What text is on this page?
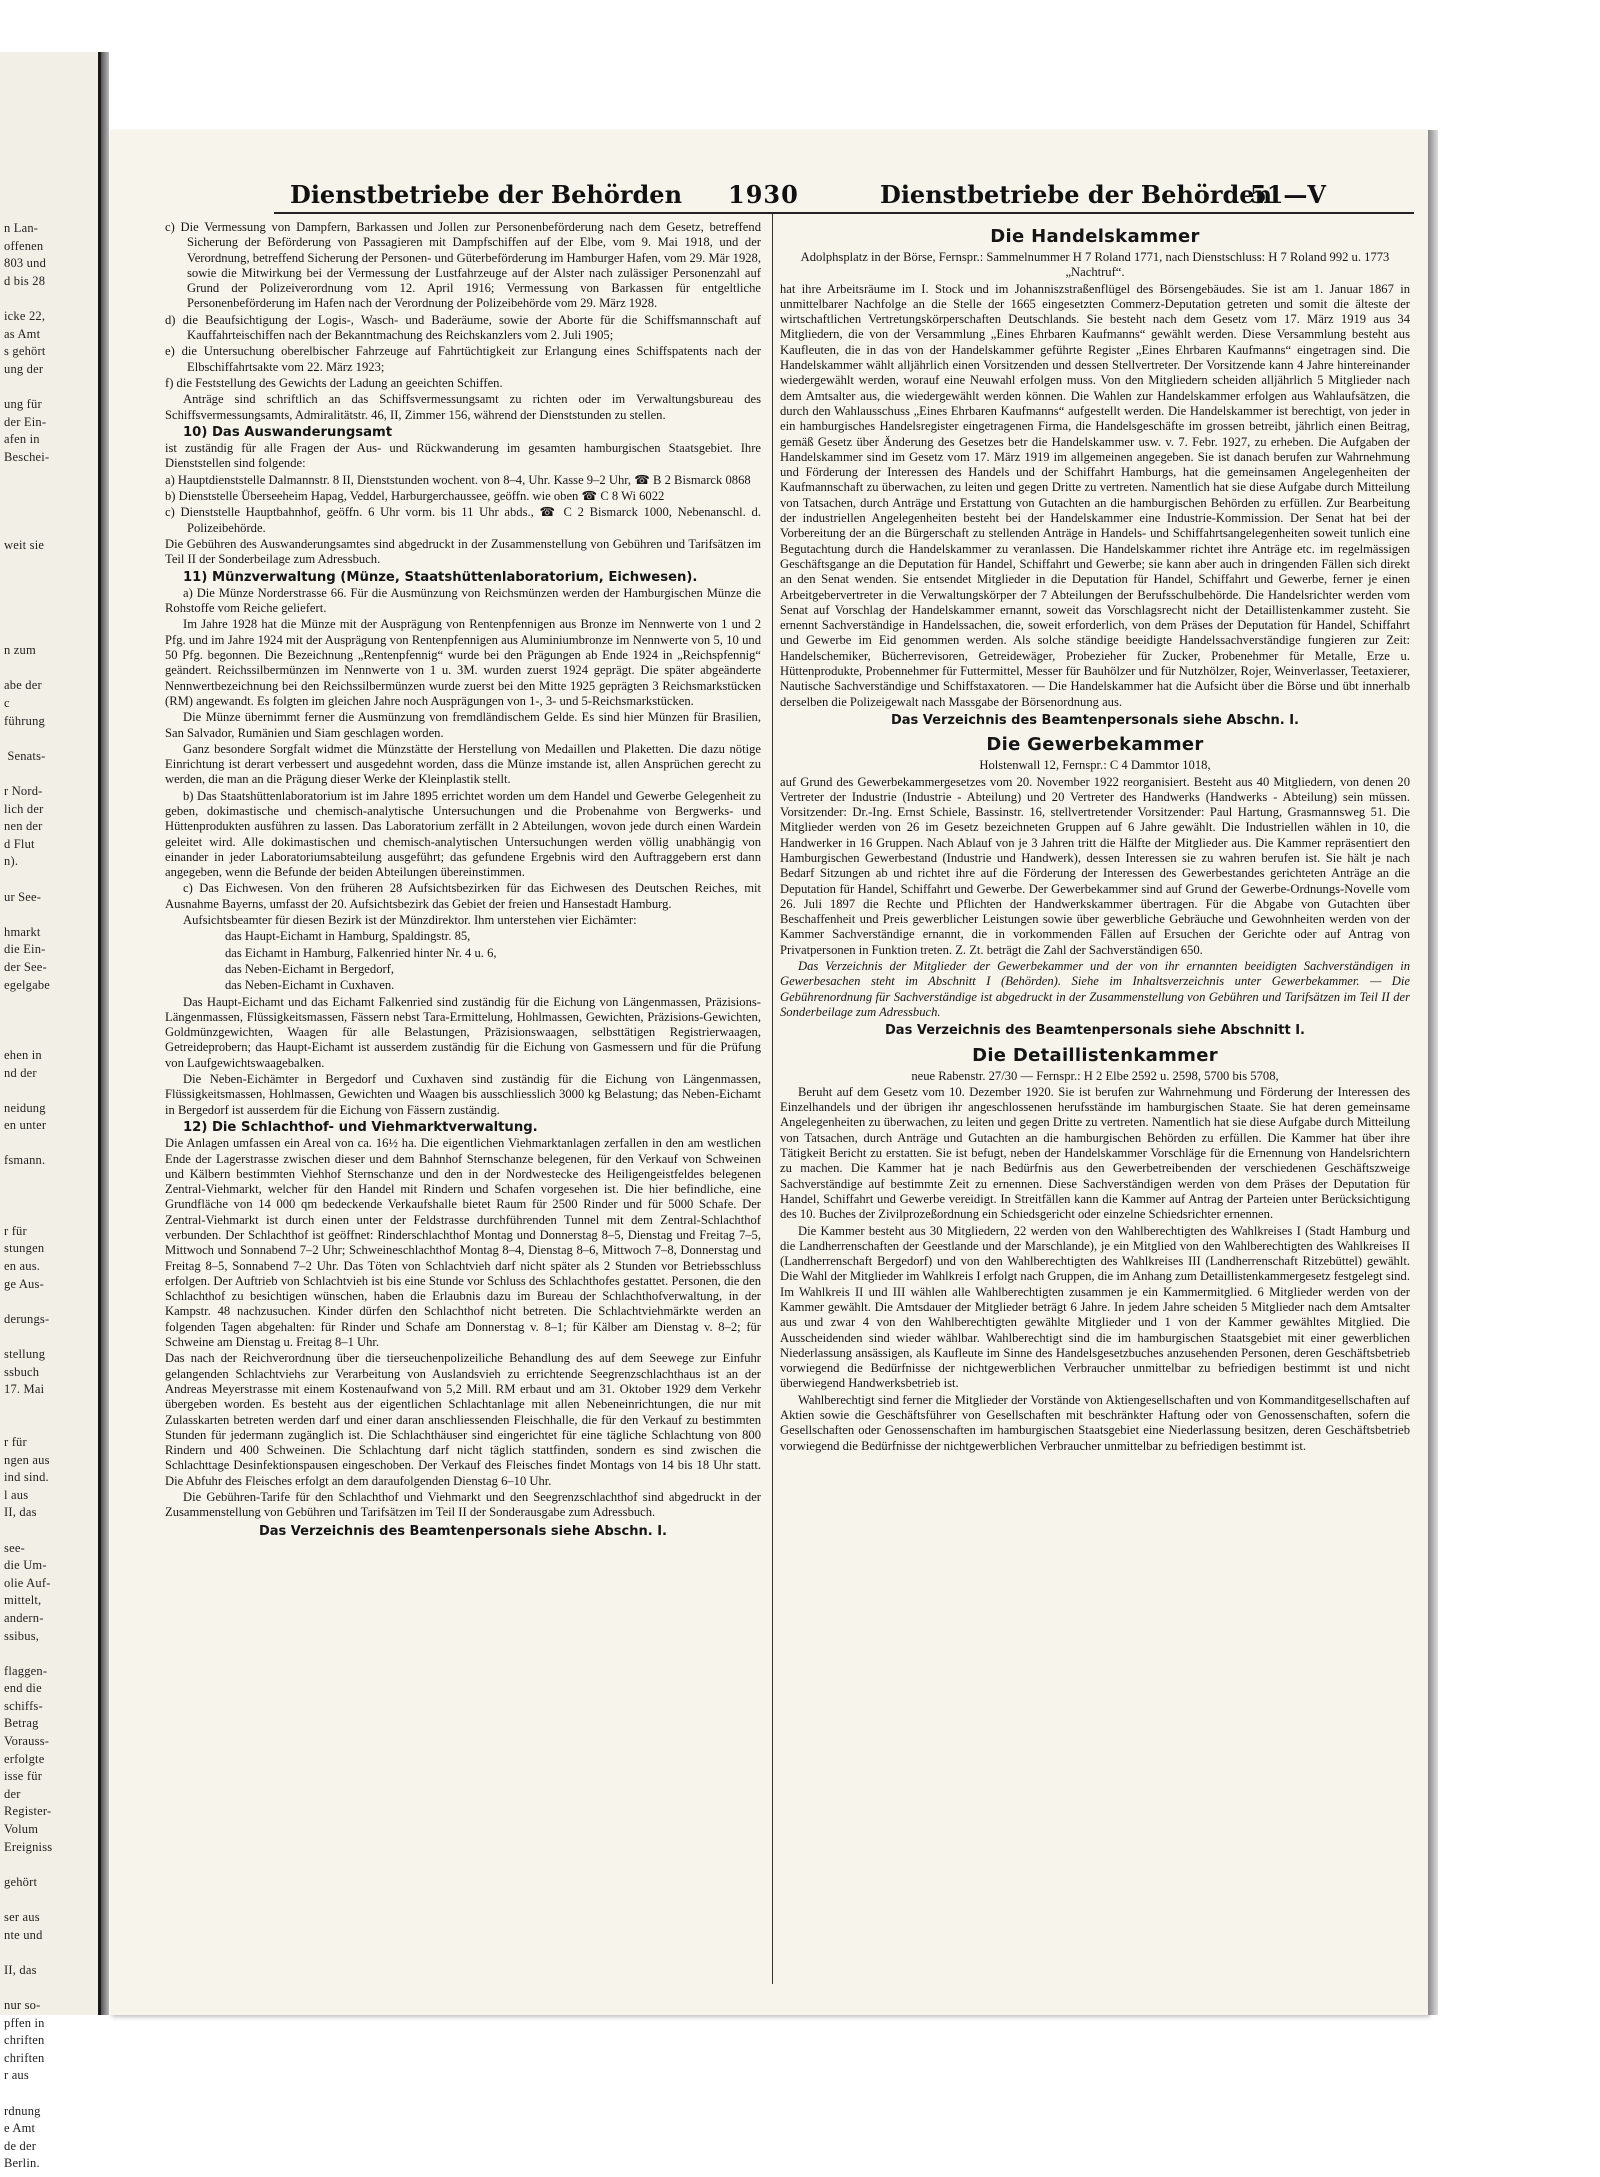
n Lan-
offenen
803 und
d bis 28

icke 22,
as Amt
s gehört
ung der

ung für
der Ein-
afen in
Beschei-

weit sie

n zum

abe der
c
führung

Senats-

r Nord-
lich der
nen der
d Flut
n).

ur See-

hmarkt
die Ein-
der See-
egelgabe

ehen in
nd der

neidung
en unter

fsmann.

r für
stungen
en aus.
ge Aus-

derungs-

stellung
ssbuch
17. Mai

r für
ngen aus
ind sind.
l aus
II, das

see-
die Um-
olie Auf-
mittelt,
andern-
ssibus,

flaggen-
end die
schiffs-
Betrag
Vorauss-
erfolgte
isse für
der
Register-
Volum
Ereigniss

gehört

ser aus
nte und

II, das

nur so-
pffen in
chriften
chriften
r aus

rdnung
e Amt
de der
Berlin.
Dienstbetriebe der Behörden 1930	Dienstbetriebe der Behörden
51—V

c) Die Vermessung von Dampfern, Barkassen und Jollen zur Personenbeförderung nach dem Gesetz, betreffend Sicherung der Beförderung von Passagieren mit Dampfschiffen auf der Elbe, vom 9. Mai 1918, und der Verordnung, betreffend Sicherung der Personen- und Güterbeförderung im Hamburger Hafen, vom 29. Mär 1928, sowie die Mitwirkung bei der Vermessung der Lustfahrzeuge auf der Alster nach zulässiger Personenzahl auf Grund der Polizeiverordnung vom 12. April 1916; Vermessung von Barkassen für entgeltliche Personenbeförderung im Hafen nach der Verordnung der Polizeibehörde vom 29. März 1928.

d) die Beaufsichtigung der Logis-, Wasch- und Baderäume, sowie der Aborte für die Schiffsmannschaft auf Kauffahrteischiffen nach der Bekanntmachung des Reichskanzlers vom 2. Juli 1905;

e) die Untersuchung oberelbischer Fahrzeuge auf Fahrtüchtigkeit zur Erlangung eines Schiffspatents nach der Elbschiffahrtsakte vom 22. März 1923;

f) die Feststellung des Gewichts der Ladung an geeichten Schiffen.

Anträge sind schriftlich an das Schiffsvermessungsamt zu richten oder im Verwaltungsbureau des Schiffsvermessungsamts, Admiralitätstr. 46, II, Zimmer 156, während der Dienststunden zu stellen.

10) Das Auswanderungsamt

ist zuständig für alle Fragen der Aus- und Rückwanderung im gesamten hamburgischen Staatsgebiet. Ihre Dienststellen sind folgende:

a) Hauptdienststelle Dalmannstr. 8 II, Dienststunden wochent. von 8–4, Uhr. Kasse 9–2 Uhr, ☎ B 2 Bismarck 0868

b) Dienststelle Überseeheim Hapag, Veddel, Harburgerchaussee, geöffn. wie oben ☎ C 8 Wi 6022

c) Dienststelle Hauptbahnhof, geöffn. 6 Uhr vorm. bis 11 Uhr abds., ☎ C 2 Bismarck 1000, Nebenanschl. d. Polizeibehörde.

Die Gebühren des Auswanderungsamtes sind abgedruckt in der Zusammenstellung von Gebühren und Tarifsätzen im Teil II der Sonderbeilage zum Adressbuch.

11) Münzverwaltung (Münze, Staatshüttenlaboratorium, Eichwesen).

a) Die Münze Norderstrasse 66. Für die Ausmünzung von Reichsmünzen werden der Hamburgischen Münze die Rohstoffe vom Reiche geliefert.

Im Jahre 1928 hat die Münze mit der Ausprägung von Rentenpfennigen aus Bronze im Nennwerte von 1 und 2 Pfg. und im Jahre 1924 mit der Ausprägung von Rentenpfennigen aus Aluminiumbronze im Nennwerte von 5, 10 und 50 Pfg. begonnen. Die Bezeichnung „Rentenpfennig“ wurde bei den Prägungen ab Ende 1924 in „Reichspfennig“ geändert. Reichssilbermünzen im Nennwerte von 1 u. 3M. wurden zuerst 1924 geprägt. Die später abgeänderte Nennwertbezeichnung bei den Reichssilbermünzen wurde zuerst bei den Mitte 1925 geprägten 3 Reichsmarkstücken (RM) angewandt. Es folgten im gleichen Jahre noch Ausprägungen von 1-, 3- und 5-Reichsmarkstücken.

Die Münze übernimmt ferner die Ausmünzung von fremdländischem Gelde. Es sind hier Münzen für Brasilien, San Salvador, Rumänien und Siam geschlagen worden.

Ganz besondere Sorgfalt widmet die Münzstätte der Herstellung von Medaillen und Plaketten. Die dazu nötige Einrichtung ist derart verbessert und ausgedehnt worden, dass die Münze imstande ist, allen Ansprüchen gerecht zu werden, die man an die Prägung dieser Werke der Kleinplastik stellt.

b) Das Staatshüttenlaboratorium ist im Jahre 1895 errichtet worden um dem Handel und Gewerbe Gelegenheit zu geben, dokimastische und chemisch-analytische Untersuchungen und die Probenahme von Bergwerks- und Hüttenprodukten ausführen zu lassen. Das Laboratorium zerfällt in 2 Abteilungen, wovon jede durch einen Wardein geleitet wird. Alle dokimastischen und chemisch-analytischen Untersuchungen werden völlig unabhängig von einander in jeder Laboratoriumsabteilung ausgeführt; das gefundene Ergebnis wird den Auftraggebern erst dann angegeben, wenn die Befunde der beiden Abteilungen übereinstimmen.

c) Das Eichwesen. Von den früheren 28 Aufsichtsbezirken für das Eichwesen des Deutschen Reiches, mit Ausnahme Bayerns, umfasst der 20. Aufsichtsbezirk das Gebiet der freien und Hansestadt Hamburg.

Aufsichtsbeamter für diesen Bezirk ist der Münzdirektor. Ihm unterstehen vier Eichämter:

das Haupt-Eichamt in Hamburg, Spaldingstr. 85,

das Eichamt in Hamburg, Falkenried hinter Nr. 4 u. 6,

das Neben-Eichamt in Bergedorf,

das Neben-Eichamt in Cuxhaven.

Das Haupt-Eichamt und das Eichamt Falkenried sind zuständig für die Eichung von Längenmassen, Präzisions-Längenmassen, Flüssigkeitsmassen, Fässern nebst Tara-Ermittelung, Hohlmassen, Gewichten, Präzisions-Gewichten, Goldmünzgewichten, Waagen für alle Belastungen, Präzisionswaagen, selbsttätigen Registrierwaagen, Getreideprobern; das Haupt-Eichamt ist ausserdem zuständig für die Eichung von Gasmessern und für die Prüfung von Laufgewichtswaagebalken.

Die Neben-Eichämter in Bergedorf und Cuxhaven sind zuständig für die Eichung von Längenmassen, Flüssigkeitsmassen, Hohlmassen, Gewichten und Waagen bis ausschliesslich 3000 kg Belastung; das Neben-Eichamt in Bergedorf ist ausserdem für die Eichung von Fässern zuständig.

12) Die Schlachthof- und Viehmarktverwaltung.

Die Anlagen umfassen ein Areal von ca. 16½ ha. Die eigentlichen Viehmarktanlagen zerfallen in den am westlichen Ende der Lagerstrasse zwischen dieser und dem Bahnhof Sternschanze belegenen, für den Verkauf von Schweinen und Kälbern bestimmten Viehhof Sternschanze und den in der Nordwestecke des Heiligengeistfeldes belegenen Zentral-Viehmarkt, welcher für den Handel mit Rindern und Schafen vorgesehen ist. Die hier befindliche, eine Grundfläche von 14 000 qm bedeckende Verkaufshalle bietet Raum für 2500 Rinder und für 5000 Schafe. Der Zentral-Viehmarkt ist durch einen unter der Feldstrasse durchführenden Tunnel mit dem Zentral-Schlachthof verbunden. Der Schlachthof ist geöffnet: Rinderschlachthof Montag und Donnerstag 8–5, Dienstag und Freitag 7–5, Mittwoch und Sonnabend 7–2 Uhr; Schweineschlachthof Montag 8–4, Dienstag 8–6, Mittwoch 7–8, Donnerstag und Freitag 8–5, Sonnabend 7–2 Uhr. Das Töten von Schlachtvieh darf nicht später als 2 Stunden vor Betriebsschluss erfolgen. Der Auftrieb von Schlachtvieh ist bis eine Stunde vor Schluss des Schlachthofes gestattet. Personen, die den Schlachthof zu besichtigen wünschen, haben die Erlaubnis dazu im Bureau der Schlachthofverwaltung, in der Kampstr. 48 nachzusuchen. Kinder dürfen den Schlachthof nicht betreten. Die Schlachtviehmärkte werden an folgenden Tagen abgehalten: für Rinder und Schafe am Donnerstag v. 8–1; für Kälber am Dienstag v. 8–2; für Schweine am Dienstag u. Freitag 8–1 Uhr.

Das nach der Reichverordnung über die tierseuchenpolizeiliche Behandlung des auf dem Seewege zur Einfuhr gelangenden Schlachtviehs zur Verarbeitung von Auslandsvieh zu errichtende Seegrenzschlachthaus ist an der Andreas Meyerstrasse mit einem Kostenaufwand von 5,2 Mill. RM erbaut und am 31. Oktober 1929 dem Verkehr übergeben worden. Es besteht aus der eigentlichen Schlachtanlage mit allen Nebeneinrichtungen, die nur mit Zulasskarten betreten werden darf und einer daran anschliessenden Fleischhalle, die für den Verkauf zu bestimmten Stunden für jedermann zugänglich ist. Die Schlachthäuser sind eingerichtet für eine tägliche Schlachtung von 800 Rindern und 400 Schweinen. Die Schlachtung darf nicht täglich stattfinden, sondern es sind zwischen die Schlachttage Desinfektionspausen eingeschoben. Der Verkauf des Fleisches findet Montags von 14 bis 18 Uhr statt. Die Abfuhr des Fleisches erfolgt an dem daraufolgenden Dienstag 6–10 Uhr.

Die Gebühren-Tarife für den Schlachthof und Viehmarkt und den Seegrenzschlachthof sind abgedruckt in der Zusammenstellung von Gebühren und Tarifsätzen im Teil II der Sonderausgabe zum Adressbuch.

Das Verzeichnis des Beamtenpersonals siehe Abschn. I.

Die Handelskammer

Adolphsplatz in der Börse, Fernspr.: Sammelnummer H 7 Roland 1771, nach Dienstschluss: H 7 Roland 992 u. 1773 „Nachtruf“.

hat ihre Arbeitsräume im I. Stock und im Johanniszstraßenflügel des Börsengebäudes. Sie ist am 1. Januar 1867 in unmittelbarer Nachfolge an die Stelle der 1665 eingesetzten Commerz-Deputation getreten und somit die älteste der wirtschaftlichen Vertretungskörperschaften Deutschlands. Sie besteht nach dem Gesetz vom 17. März 1919 aus 34 Mitgliedern, die von der Versammlung „Eines Ehrbaren Kaufmanns“ gewählt werden. Diese Versammlung besteht aus Kaufleuten, die in das von der Handelskammer geführte Register „Eines Ehrbaren Kaufmanns“ eingetragen sind. Die Handelskammer wählt alljährlich einen Vorsitzenden und dessen Stellvertreter. Der Vorsitzende kann 4 Jahre hintereinander wiedergewählt werden, worauf eine Neuwahl erfolgen muss. Von den Mitgliedern scheiden alljährlich 5 Mitglieder nach dem Amtsalter aus, die wiedergewählt werden können. Die Wahlen zur Handelskammer erfolgen aus Wahlaufsätzen, die durch den Wahlausschuss „Eines Ehrbaren Kaufmanns“ aufgestellt werden. Die Handelskammer ist berechtigt, von jeder in ein hamburgisches Handelsregister eingetragenen Firma, die Handelsgeschäfte im grossen betreibt, jährlich einen Beitrag, gemäß Gesetz über Änderung des Gesetzes betr die Handelskammer usw. v. 7. Febr. 1927, zu erheben. Die Aufgaben der Handelskammer sind im Gesetz vom 17. März 1919 im allgemeinen angegeben. Sie ist danach berufen zur Wahrnehmung und Förderung der Interessen des Handels und der Schiffahrt Hamburgs, hat die gemeinsamen Angelegenheiten der Kaufmannschaft zu überwachen, zu leiten und gegen Dritte zu vertreten. Namentlich hat sie diese Aufgabe durch Mitteilung von Tatsachen, durch Anträge und Erstattung von Gutachten an die hamburgischen Behörden zu erfüllen. Zur Bearbeitung der industriellen Angelegenheiten besteht bei der Handelskammer eine Industrie-Kommission. Der Senat hat bei der Vorbereitung der an die Bürgerschaft zu stellenden Anträge in Handels- und Schiffahrtsangelegenheiten soweit tunlich eine Begutachtung durch die Handelskammer zu veranlassen. Die Handelskammer richtet ihre Anträge etc. im regelmässigen Geschäftsgange an die Deputation für Handel, Schiffahrt und Gewerbe; sie kann aber auch in dringenden Fällen sich direkt an den Senat wenden. Sie entsendet Mitglieder in die Deputation für Handel, Schiffahrt und Gewerbe, ferner je einen Arbeitgebervertreter in die Verwaltungskörper der 7 Abteilungen der Berufsschulbehörde. Die Handelsrichter werden vom Senat auf Vorschlag der Handelskammer ernannt, soweit das Vorschlagsrecht nicht der Detaillistenkammer zusteht. Sie ernennt Sachverständige in Handelssachen, die, soweit erforderlich, von dem Präses der Deputation für Handel, Schiffahrt und Gewerbe im Eid genommen werden. Als solche ständige beeidigte Handelssachverständige fungieren zur Zeit: Handelschemiker, Bücherrevisoren, Getreidewäger, Probezieher für Zucker, Probenehmer für Metalle, Erze u. Hüttenprodukte, Probennehmer für Futtermittel, Messer für Bauhölzer und für Nutzhölzer, Rojer, Weinverlasser, Teetaxierer, Nautische Sachverständige und Schiffstaxatoren. — Die Handelskammer hat die Aufsicht über die Börse und übt innerhalb derselben die Polizeigewalt nach Massgabe der Börsenordnung aus.

Das Verzeichnis des Beamtenpersonals siehe Abschn. I.

Die Gewerbekammer

Holstenwall 12, Fernspr.: C 4 Dammtor 1018,

auf Grund des Gewerbekammergesetzes vom 20. November 1922 reorganisiert. Besteht aus 40 Mitgliedern, von denen 20 Vertreter der Industrie (Industrie - Abteilung) und 20 Vertreter des Handwerks (Handwerks - Abteilung) sein müssen. Vorsitzender: Dr.-Ing. Ernst Schiele, Bassinstr. 16, stellvertretender Vorsitzender: Paul Hartung, Grasmannsweg 51. Die Mitglieder werden von 26 im Gesetz bezeichneten Gruppen auf 6 Jahre gewählt. Die Industriellen wählen in 10, die Handwerker in 16 Gruppen. Nach Ablauf von je 3 Jahren tritt die Hälfte der Mitglieder aus. Die Kammer repräsentiert den Hamburgischen Gewerbestand (Industrie und Handwerk), dessen Interessen sie zu wahren berufen ist. Sie hält je nach Bedarf Sitzungen ab und richtet ihre auf die Förderung der Interessen des Gewerbestandes gerichteten Anträge an die Deputation für Handel, Schiffahrt und Gewerbe. Der Gewerbekammer sind auf Grund der Gewerbe-Ordnungs-Novelle vom 26. Juli 1897 die Rechte und Pflichten der Handwerkskammer übertragen. Für die Abgabe von Gutachten über Beschaffenheit und Preis gewerblicher Leistungen sowie über gewerbliche Gebräuche und Gewohnheiten werden von der Kammer Sachverständige ernannt, die in vorkommenden Fällen auf Ersuchen der Gerichte oder auf Antrag von Privatpersonen in Funktion treten. Z. Zt. beträgt die Zahl der Sachverständigen 650.

Das Verzeichnis der Mitglieder der Gewerbekammer und der von ihr ernannten beeidigten Sachverständigen in Gewerbesachen steht im Abschnitt I (Behörden). Siehe im Inhaltsverzeichnis unter Gewerbekammer. — Die Gebührenordnung für Sachverständige ist abgedruckt in der Zusammenstellung von Gebühren und Tarifsätzen im Teil II der Sonderbeilage zum Adressbuch.

Das Verzeichnis des Beamtenpersonals siehe Abschnitt I.

Die Detaillistenkammer

neue Rabenstr. 27/30 — Fernspr.: H 2 Elbe 2592 u. 2598, 5700 bis 5708,

Beruht auf dem Gesetz vom 10. Dezember 1920. Sie ist berufen zur Wahrnehmung und Förderung der Interessen des Einzelhandels und der übrigen ihr angeschlossenen herufsstände im hamburgischen Staate. Sie hat deren gemeinsame Angelegenheiten zu überwachen, zu leiten und gegen Dritte zu vertreten. Namentlich hat sie diese Aufgabe durch Mitteilung von Tatsachen, durch Anträge und Gutachten an die hamburgischen Behörden zu erfüllen. Die Kammer hat über ihre Tätigkeit Bericht zu erstatten. Sie ist befugt, neben der Handelskammer Vorschläge für die Ernennung von Handelsrichtern zu machen. Die Kammer hat je nach Bedürfnis aus den Gewerbetreibenden der verschiedenen Geschäftszweige Sachverständige auf bestimmte Zeit zu ernennen. Diese Sachverständigen werden von dem Präses der Deputation für Handel, Schiffahrt und Gewerbe vereidigt. In Streitfällen kann die Kammer auf Antrag der Parteien unter Berücksichtigung des 10. Buches der Zivilprozeßordnung ein Schiedsgericht oder einzelne Schiedsrichter ernennen.

Die Kammer besteht aus 30 Mitgliedern, 22 werden von den Wahlberechtigten des Wahlkreises I (Stadt Hamburg und die Landherrenschaften der Geestlande und der Marschlande), je ein Mitglied von den Wahlberechtigten des Wahlkreises II (Landherrenschaft Bergedorf) und von den Wahlberechtigten des Wahlkreises III (Landherrenschaft Ritzebüttel) gewählt. Die Wahl der Mitglieder im Wahlkreis I erfolgt nach Gruppen, die im Anhang zum Detaillistenkammergesetz festgelegt sind. Im Wahlkreis II und III wählen alle Wahlberechtigten zusammen je ein Kammermitglied. 6 Mitglieder werden von der Kammer gewählt. Die Amtsdauer der Mitglieder beträgt 6 Jahre. In jedem Jahre scheiden 5 Mitglieder nach dem Amtsalter aus und zwar 4 von den Wahlberechtigten gewählte Mitglieder und 1 von der Kammer gewähltes Mitglied. Die Ausscheidenden sind wieder wählbar. Wahlberechtigt sind die im hamburgischen Staatsgebiet mit einer gewerblichen Niederlassung ansässigen, als Kaufleute im Sinne des Handelsgesetzbuches anzusehenden Personen, deren Geschäftsbetrieb vorwiegend die Bedürfnisse der nichtgewerblichen Verbraucher unmittelbar zu befriedigen bestimmt ist und nicht überwiegend Handwerksbetrieb ist.

Wahlberechtigt sind ferner die Mitglieder der Vorstände von Aktiengesellschaften und von Kommanditgesellschaften auf Aktien sowie die Geschäftsführer von Gesellschaften mit beschränkter Haftung oder von Genossenschaften, sofern die Gesellschaften oder Genossenschaften im hamburgischen Staatsgebiet eine Niederlassung besitzen, deren Geschäftsbetrieb vorwiegend die Bedürfnisse der nichtgewerblichen Verbraucher unmittelbar zu befriedigen bestimmt ist.
